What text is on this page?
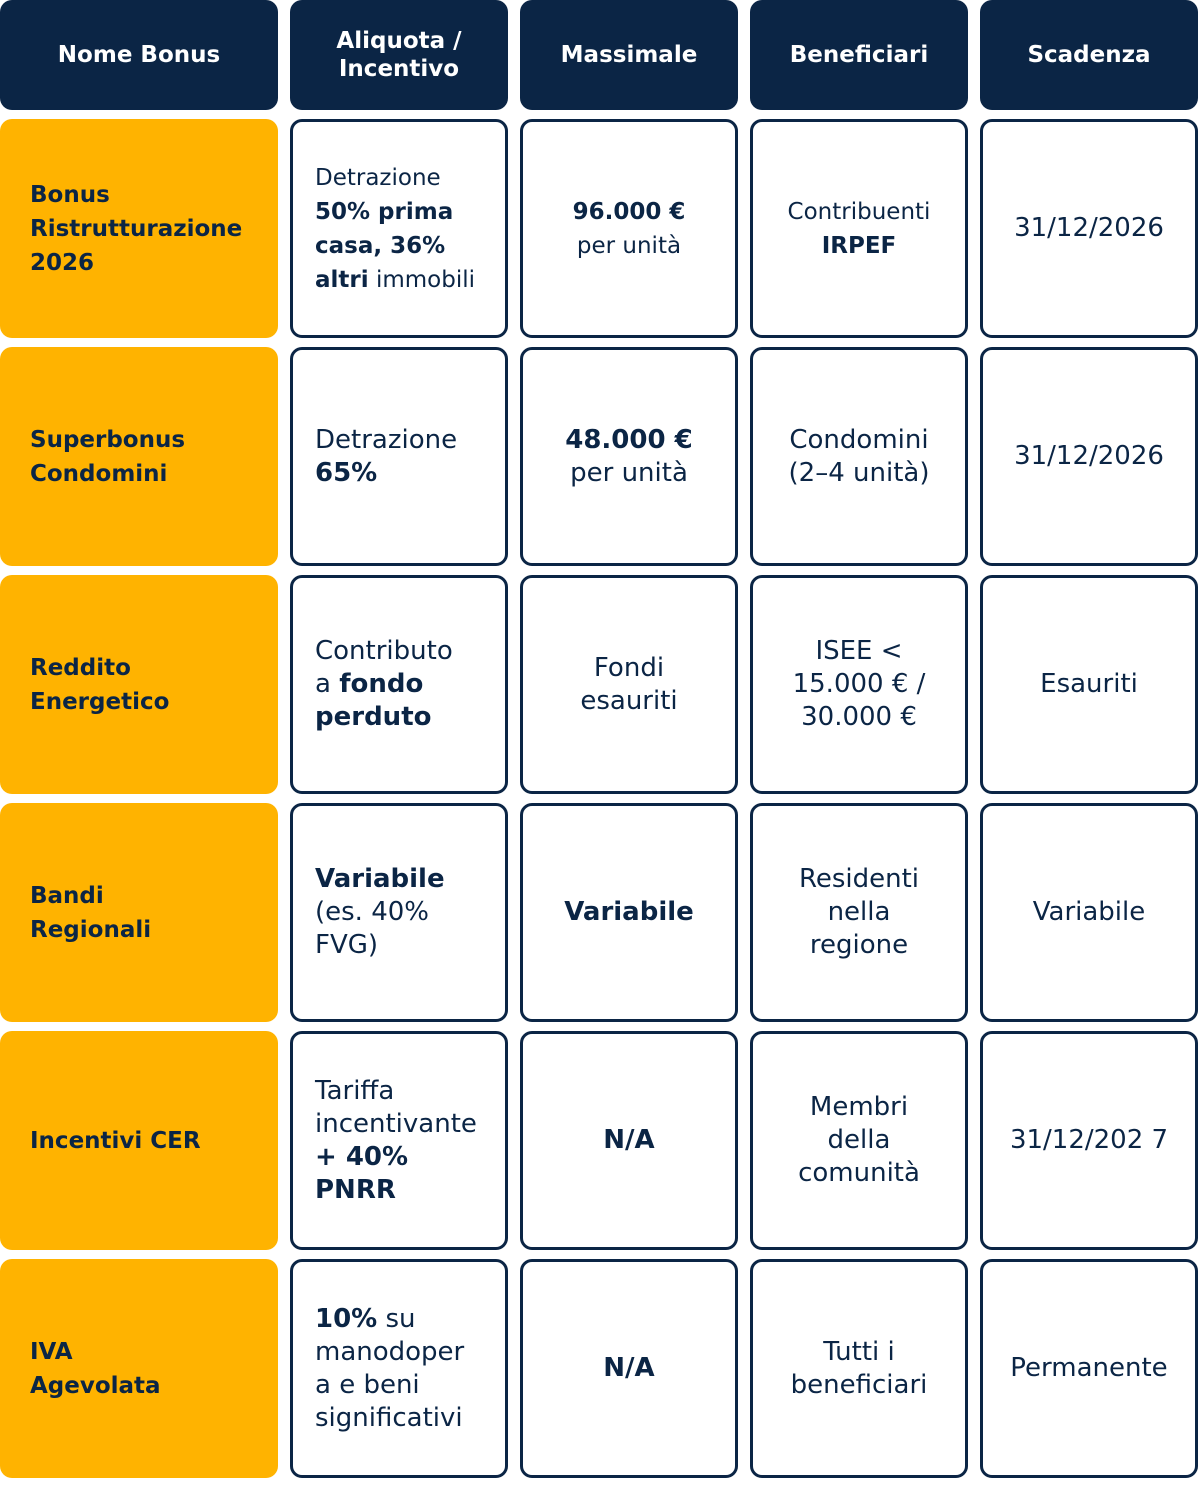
Nome Bonus
Aliquota /
Incentivo
Massimale	Beneficiari	Scadenza
Bonus
Ristrutturazione
2026
Detrazione
50% prima
casa, 36%
altri immobili
96.000 €
per unità
Contribuenti
IRPEF
31/12/2026
Superbonus
Condomini
Detrazione
65%
48.000 €
per unità
Condomini
(2–4 unità)
31/12/2026
Reddito
Energetico
Contributo
a fondo
perduto
Fondi
esauriti
ISEE <
15.000 € /
30.000 €
Esauriti
Bandi
Regionali
Variabile
(es. 40%
FVG)
Variabile
Residenti
nella
regione
Variabile
Incentivi CER
Tariffa
incentivante
+ 40% PNRR
N/A
Membri
della
comunità
31/12/202 7
IVA
Agevolata
10% su
manodoper
a e beni
significativi
N/A
Tutti i
beneficiari
Permanente
